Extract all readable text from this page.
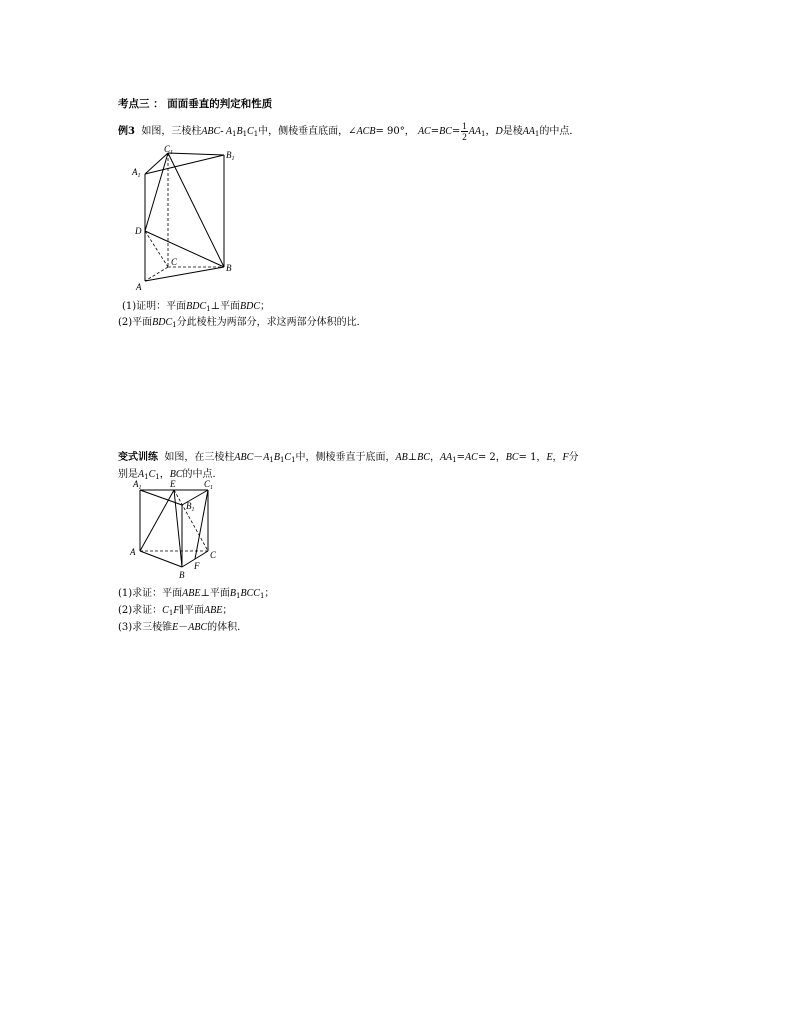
考点三 ： 面面垂直的判定和性质
例3 如图，三棱柱ABC- $A_1B_1C_1$中，侧棱垂直底面，∠ACB= 90°， $AC=BC= \frac{1}{2} AA_1$，D是棱$AA_1$的中点．
$C_1$	$B_1$
$A_1$
D
C
B
A
(1)证明：平面$BDC_1\perp$平面BDC；
(2)平面$BDC_1$分此棱柱为两部分，求这两部分体积的比．
变式训练 如图，在三棱柱$ABC-A_1B_1C_1$中，侧棱垂直于底面，AB⊥BC，$AA_1=AC= 2$，BC= 1，E，F分
别是$A_1C_1$，BC的中点．
$A_1$	E	$C_1$
$B_1$
A	C
F
B
(1)求证：平面ABE⊥平面$B_1BCC_1$；
(2)求证：$C_1F\parallel$平面ABE；
(3)求三棱锥E－ABC的体积．
